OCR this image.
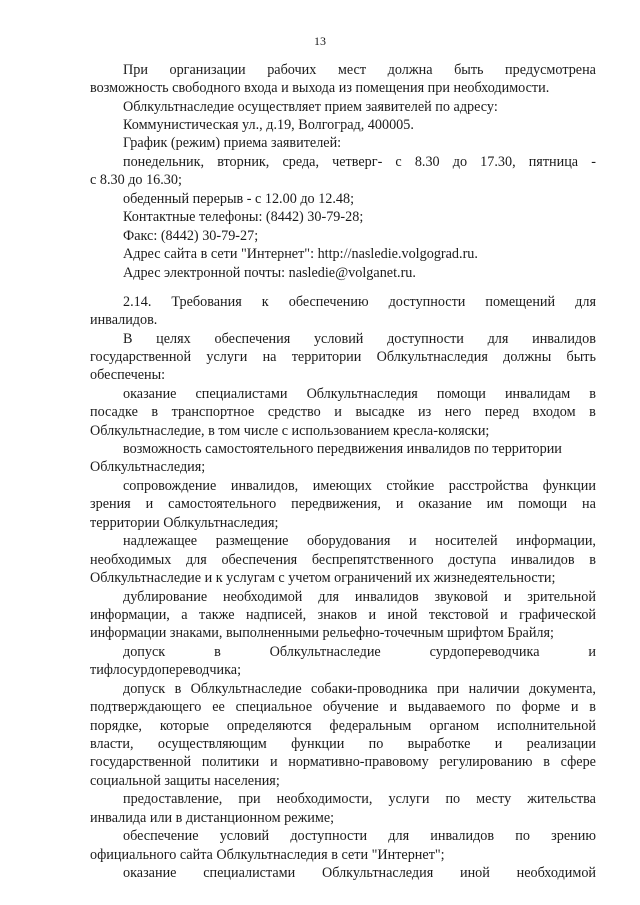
13
При организации рабочих мест должна быть предусмотрена
возможность свободного входа и выхода из помещения при необходимости.
Облкультнаследие осуществляет прием заявителей по адресу:
Коммунистическая ул., д.19, Волгоград, 400005.
График (режим) приема заявителей:
понедельник, вторник, среда, четверг- с 8.30 до 17.30, пятница -
с 8.30 до 16.30;
обеденный перерыв - с 12.00 до 12.48;
Контактные телефоны: (8442) 30-79-28;
Факс: (8442) 30-79-27;
Адрес сайта в сети "Интернет": http://nasledie.volgograd.ru.
Адрес электронной почты: nasledie@volganet.ru.
2.14. Требования к обеспечению доступности помещений для
инвалидов.
В целях обеспечения условий доступности для инвалидов
государственной услуги на территории Облкультнаследия должны быть
обеспечены:
оказание специалистами Облкультнаследия помощи инвалидам в
посадке в транспортное средство и высадке из него перед входом в
Облкультнаследие, в том числе с использованием кресла-коляски;
возможность самостоятельного передвижения инвалидов по территории
Облкультнаследия;
сопровождение инвалидов, имеющих стойкие расстройства функции
зрения и самостоятельного передвижения, и оказание им помощи на
территории Облкультнаследия;
надлежащее размещение оборудования и носителей информации,
необходимых для обеспечения беспрепятственного доступа инвалидов в
Облкультнаследие и к услугам с учетом ограничений их жизнедеятельности;
дублирование необходимой для инвалидов звуковой и зрительной
информации, а также надписей, знаков и иной текстовой и графической
информации знаками, выполненными рельефно-точечным шрифтом Брайля;
допуск	в	Облкультнаследие	сурдопереводчика	и
тифлосурдопереводчика;
допуск в Облкультнаследие собаки-проводника при наличии документа,
подтверждающего ее специальное обучение и выдаваемого по форме и в
порядке, которые определяются федеральным органом исполнительной
власти, осуществляющим функции по выработке и реализации
государственной политики и нормативно-правовому регулированию в сфере
социальной защиты населения;
предоставление, при необходимости, услуги по месту жительства
инвалида или в дистанционном режиме;
обеспечение условий доступности для инвалидов по зрению
официального сайта Облкультнаследия в сети "Интернет";
оказание специалистами Облкультнаследия иной необходимой
